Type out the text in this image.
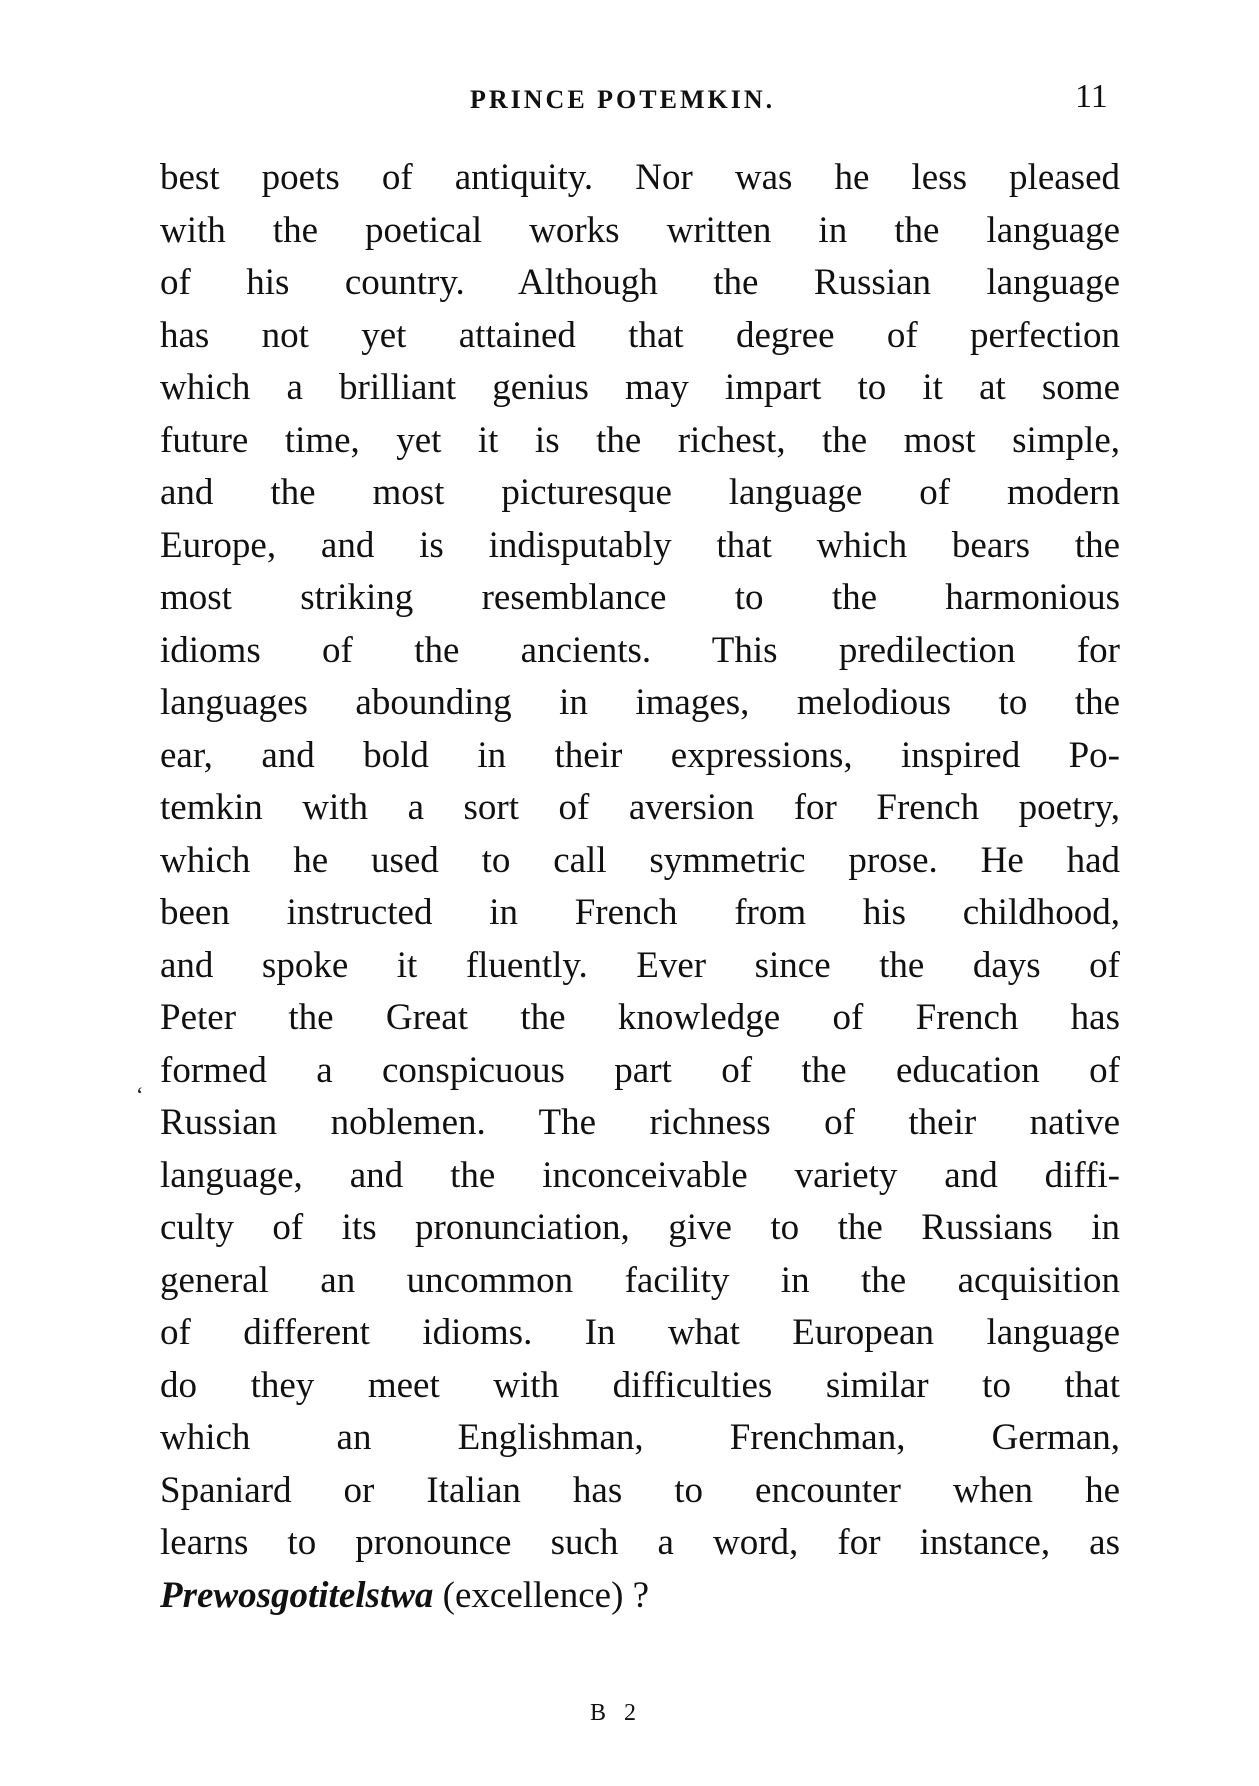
PRINCE POTEMKIN.	11
‘
best poets of antiquity. Nor was he less pleased
with the poetical works written in the language
of his country. Although the Russian language
has not yet attained that degree of perfection
which a brilliant genius may impart to it at some
future time, yet it is the richest, the most simple,
and the most picturesque language of modern
Europe, and is indisputably that which bears the
most striking resemblance to the harmonious
idioms of the ancients. This predilection for
languages abounding in images, melodious to the
ear, and bold in their expressions, inspired Po-
temkin with a sort of aversion for French poetry,
which he used to call symmetric prose. He had
been instructed in French from his childhood,
and spoke it fluently. Ever since the days of
Peter the Great the knowledge of French has
formed a conspicuous part of the education of
Russian noblemen. The richness of their native
language, and the inconceivable variety and diffi-
culty of its pronunciation, give to the Russians in
general an uncommon facility in the acquisition
of different idioms. In what European language
do they meet with difficulties similar to that
which an Englishman, Frenchman, German,
Spaniard or Italian has to encounter when he
learns to pronounce such a word, for instance, as
Prewosgotitelstwa (excellence) ?
B 2
